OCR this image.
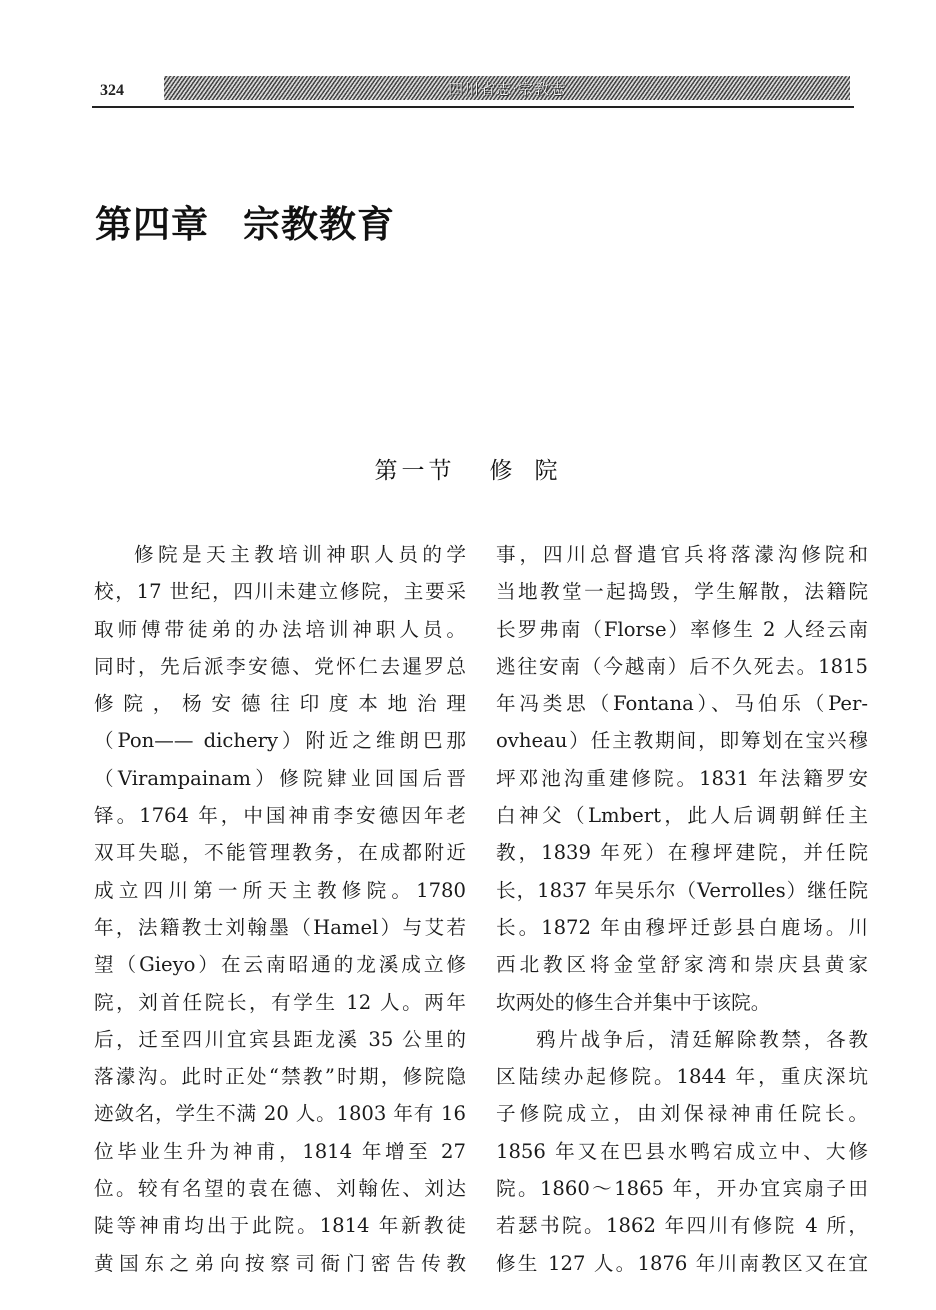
324	四川省志·宗教志
第四章 宗教教育
第一节 修 院
修院是天主教培训神职人员的学
校，17 世纪，四川未建立修院，主要采
取师傅带徒弟的办法培训神职人员。
同时，先后派李安德、党怀仁去暹罗总
修院，杨安德往印度本地治理
（Pon—— dichery）附近之维朗巴那
（Virampainam）修院肄业回国后晋
铎。1764 年，中国神甫李安德因年老
双耳失聪，不能管理教务，在成都附近
成立四川第一所天主教修院。1780
年，法籍教士刘翰墨（Hamel）与艾若
望（Gieyo）在云南昭通的龙溪成立修
院，刘首任院长，有学生 12 人。两年
后，迁至四川宜宾县距龙溪 35 公里的
落濛沟。此时正处“禁教”时期，修院隐
迹敛名，学生不满 20 人。1803 年有 16
位毕业生升为神甫，1814 年增至 27
位。较有名望的袁在德、刘翰佐、刘达
陡等神甫均出于此院。1814 年新教徒
黄国东之弟向按察司衙门密告传教
事，四川总督遣官兵将落濛沟修院和
当地教堂一起捣毁，学生解散，法籍院
长罗弗南（Florse）率修生 2 人经云南
逃往安南（今越南）后不久死去。1815
年冯类思（Fontana）、马伯乐（Per-
ovheau）任主教期间，即筹划在宝兴穆
坪邓池沟重建修院。1831 年法籍罗安
白神父（Lmbert，此人后调朝鲜任主
教，1839 年死）在穆坪建院，并任院
长，1837 年吴乐尔（Verrolles）继任院
长。1872 年由穆坪迁彭县白鹿场。川
西北教区将金堂舒家湾和崇庆县黄家
坎两处的修生合并集中于该院。
鸦片战争后，清廷解除教禁，各教
区陆续办起修院。1844 年，重庆深坑
子修院成立，由刘保禄神甫任院长。
1856 年又在巴县水鸭宕成立中、大修
院。1860～1865 年，开办宜宾扇子田
若瑟书院。1862 年四川有修院 4 所，
修生 127 人。1876 年川南教区又在宜
